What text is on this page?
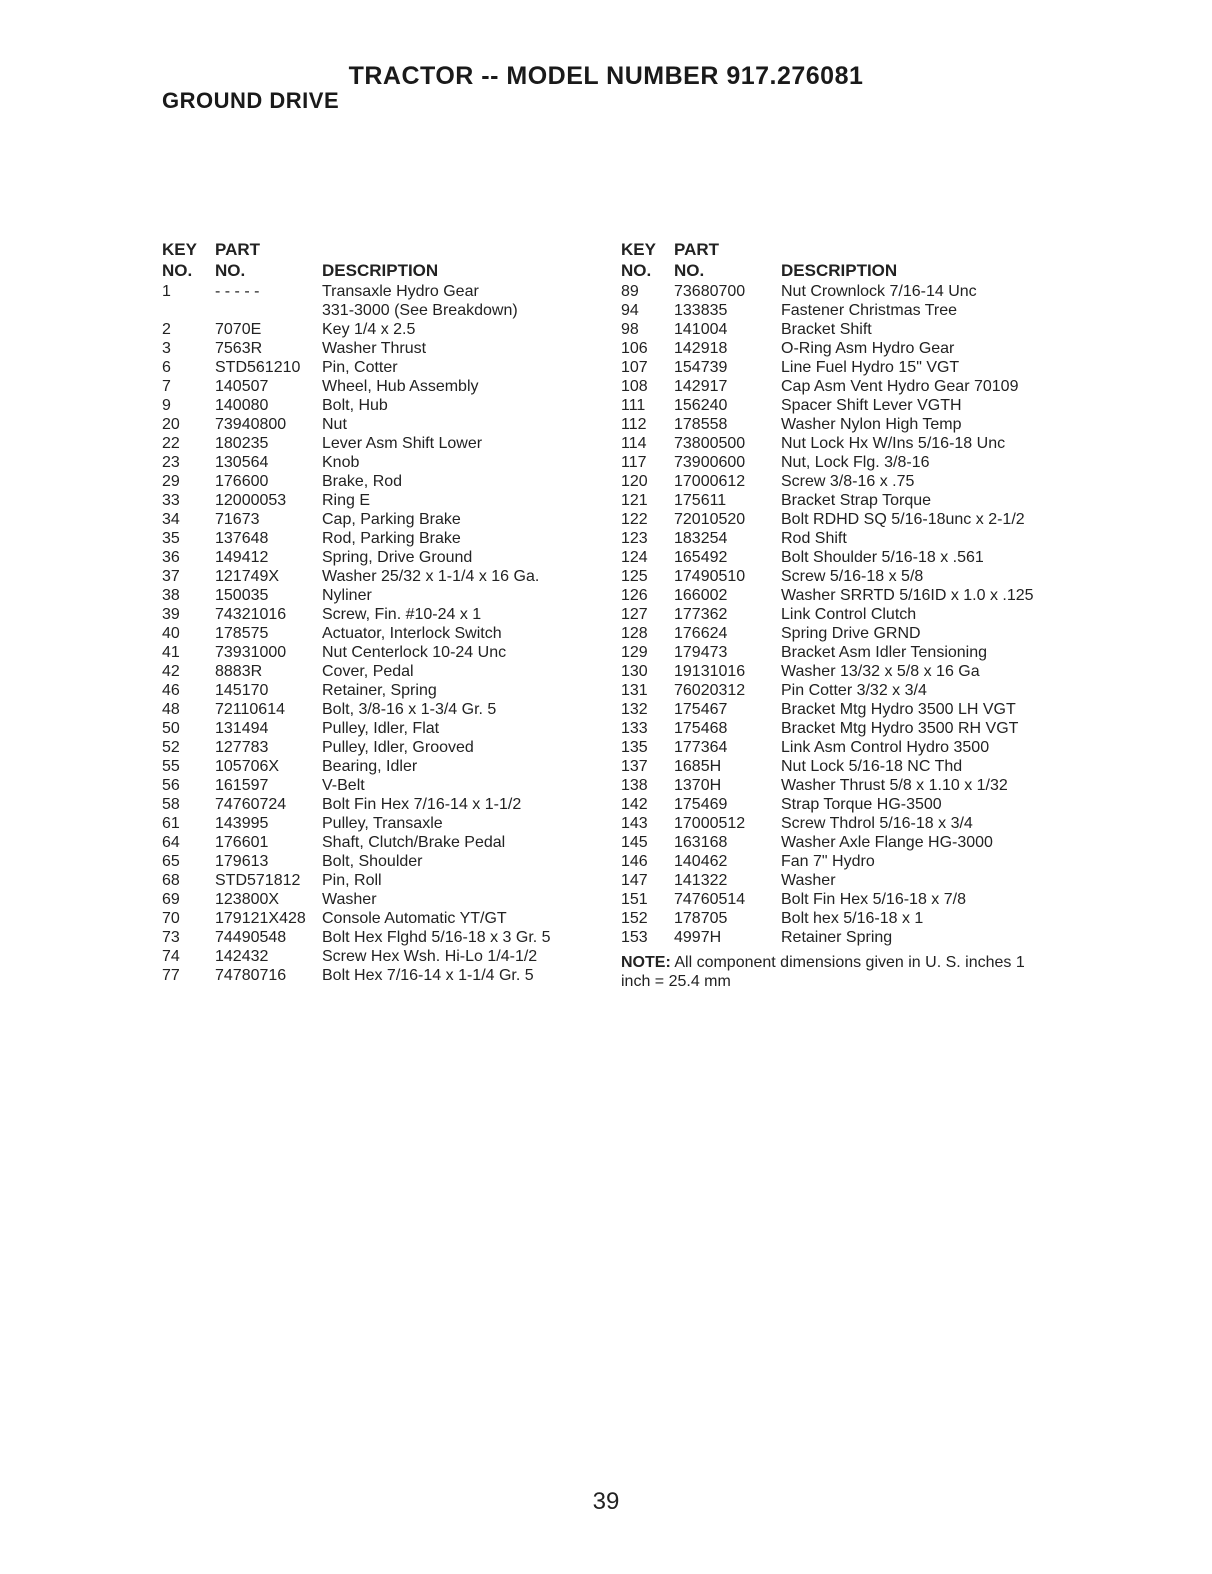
TRACTOR -- MODEL NUMBER 917.276081
GROUND DRIVE
KEY PART
NO. NO.	DESCRIPTION
1	- - - - -	Transaxle Hydro Gear
331-3000 (See Breakdown)
2	7070E	Key 1/4 x 2.5
3	7563R	Washer Thrust
6	STD561210 Pin, Cotter
7	140507	Wheel, Hub Assembly
9	140080	Bolt, Hub
20 73940800 Nut
22 180235	Lever Asm Shift Lower
23 130564	Knob
29 176600	Brake, Rod
33 12000053 Ring E
34 71673	Cap, Parking Brake
35 137648	Rod, Parking Brake
36 149412	Spring, Drive Ground
37 121749X	Washer 25/32 x 1-1/4 x 16 Ga.
38 150035	Nyliner
39 74321016 Screw, Fin. #10-24 x 1
40 178575	Actuator, Interlock Switch
41 73931000 Nut Centerlock 10-24 Unc
42 8883R	Cover, Pedal
46 145170	Retainer, Spring
48 72110614 Bolt, 3/8-16 x 1-3/4 Gr. 5
50 131494	Pulley, Idler, Flat
52 127783	Pulley, Idler, Grooved
55 105706X	Bearing, Idler
56 161597	V-Belt
58 74760724 Bolt Fin Hex 7/16-14 x 1-1/2
61 143995	Pulley, Transaxle
64 176601	Shaft, Clutch/Brake Pedal
65 179613	Bolt, Shoulder
68 STD571812 Pin, Roll
69 123800X	Washer
70 179121X428 Console Automatic YT/GT
73 74490548 Bolt Hex Flghd 5/16-18 x 3 Gr. 5
74 142432	Screw Hex Wsh. Hi-Lo 1/4-1/2
77 74780716 Bolt Hex 7/16-14 x 1-1/4 Gr. 5
KEY PART
NO. NO.	DESCRIPTION
89 73680700 Nut Crownlock 7/16-14 Unc
94 133835	Fastener Christmas Tree
98 141004	Bracket Shift
106 142918	O-Ring Asm Hydro Gear
107 154739	Line Fuel Hydro 15" VGT
108 142917	Cap Asm Vent Hydro Gear 70109
111 156240	Spacer Shift Lever VGTH
112 178558	Washer Nylon High Temp
114 73800500 Nut Lock Hx W/Ins 5/16-18 Unc
117 73900600 Nut, Lock Flg. 3/8-16
120 17000612 Screw 3/8-16 x .75
121 175611	Bracket Strap Torque
122 72010520 Bolt RDHD SQ 5/16-18unc x 2-1/2
123 183254	Rod Shift
124 165492	Bolt Shoulder 5/16-18 x .561
125 17490510 Screw 5/16-18 x 5/8
126 166002	Washer SRRTD 5/16ID x 1.0 x .125
127 177362	Link Control Clutch
128 176624	Spring Drive GRND
129 179473	Bracket Asm Idler Tensioning
130 19131016 Washer 13/32 x 5/8 x 16 Ga
131 76020312 Pin Cotter 3/32 x 3/4
132 175467	Bracket Mtg Hydro 3500 LH VGT
133 175468	Bracket Mtg Hydro 3500 RH VGT
135 177364	Link Asm Control Hydro 3500
137 1685H	Nut Lock 5/16-18 NC Thd
138 1370H	Washer Thrust 5/8 x 1.10 x 1/32
142 175469	Strap Torque HG-3500
143 17000512 Screw Thdrol 5/16-18 x 3/4
145 163168	Washer Axle Flange HG-3000
146 140462	Fan 7" Hydro
147 141322	Washer
151 74760514 Bolt Fin Hex 5/16-18 x 7/8
152 178705	Bolt hex 5/16-18 x 1
153 4997H	Retainer Spring
NOTE: All component dimensions given in U. S. inches 1 inch = 25.4 mm
39
